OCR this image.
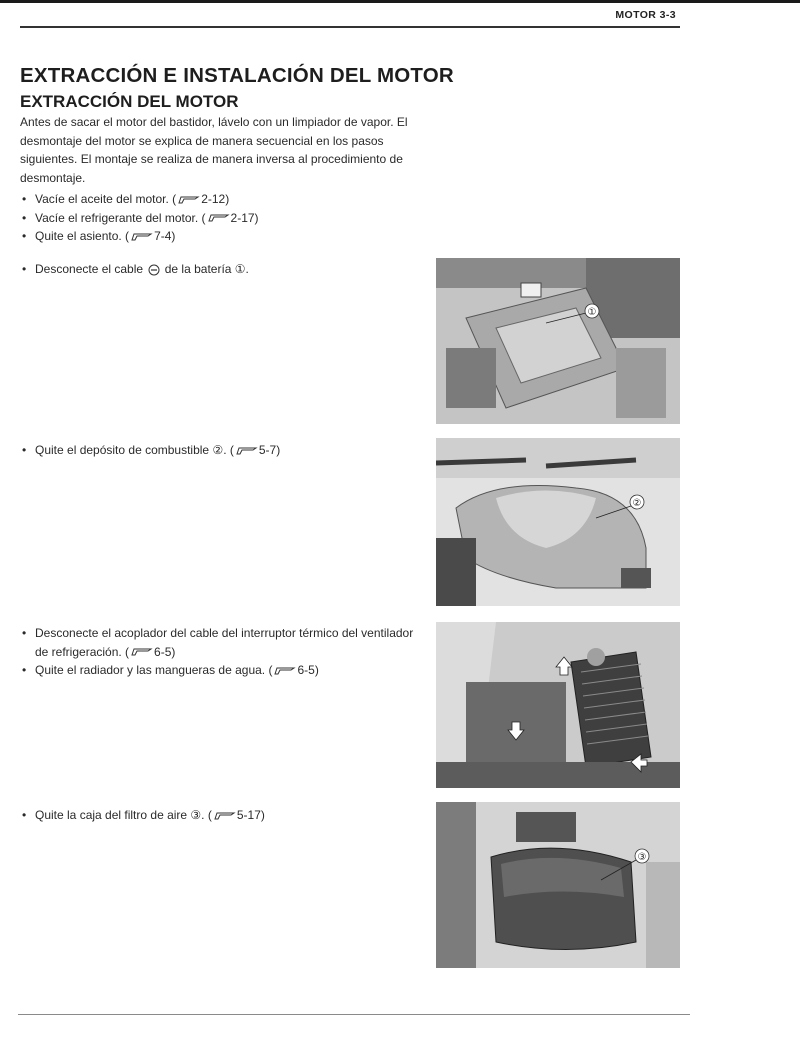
MOTOR 3-3
EXTRACCIÓN E INSTALACIÓN DEL MOTOR
EXTRACCIÓN DEL MOTOR
Antes de sacar el motor del bastidor, lávelo con un limpiador de vapor. El desmontaje del motor se explica de manera secuencial en los pasos siguientes. El montaje se realiza de manera inversa al procedimiento de desmontaje.
• Vacíe el aceite del motor. ( 2-12)
• Vacíe el refrigerante del motor. ( 2-17)
• Quite el asiento. ( 7-4)
• Desconecte el cable  de la batería ①.
• Quite el depósito de combustible ②. ( 5-7)
• Desconecte el acoplador del cable del interruptor térmico del ventilador de refrigeración. ( 6-5)
• Quite el radiador y las mangueras de agua. ( 6-5)
• Quite la caja del filtro de aire ③. ( 5-17)
①
②
③
